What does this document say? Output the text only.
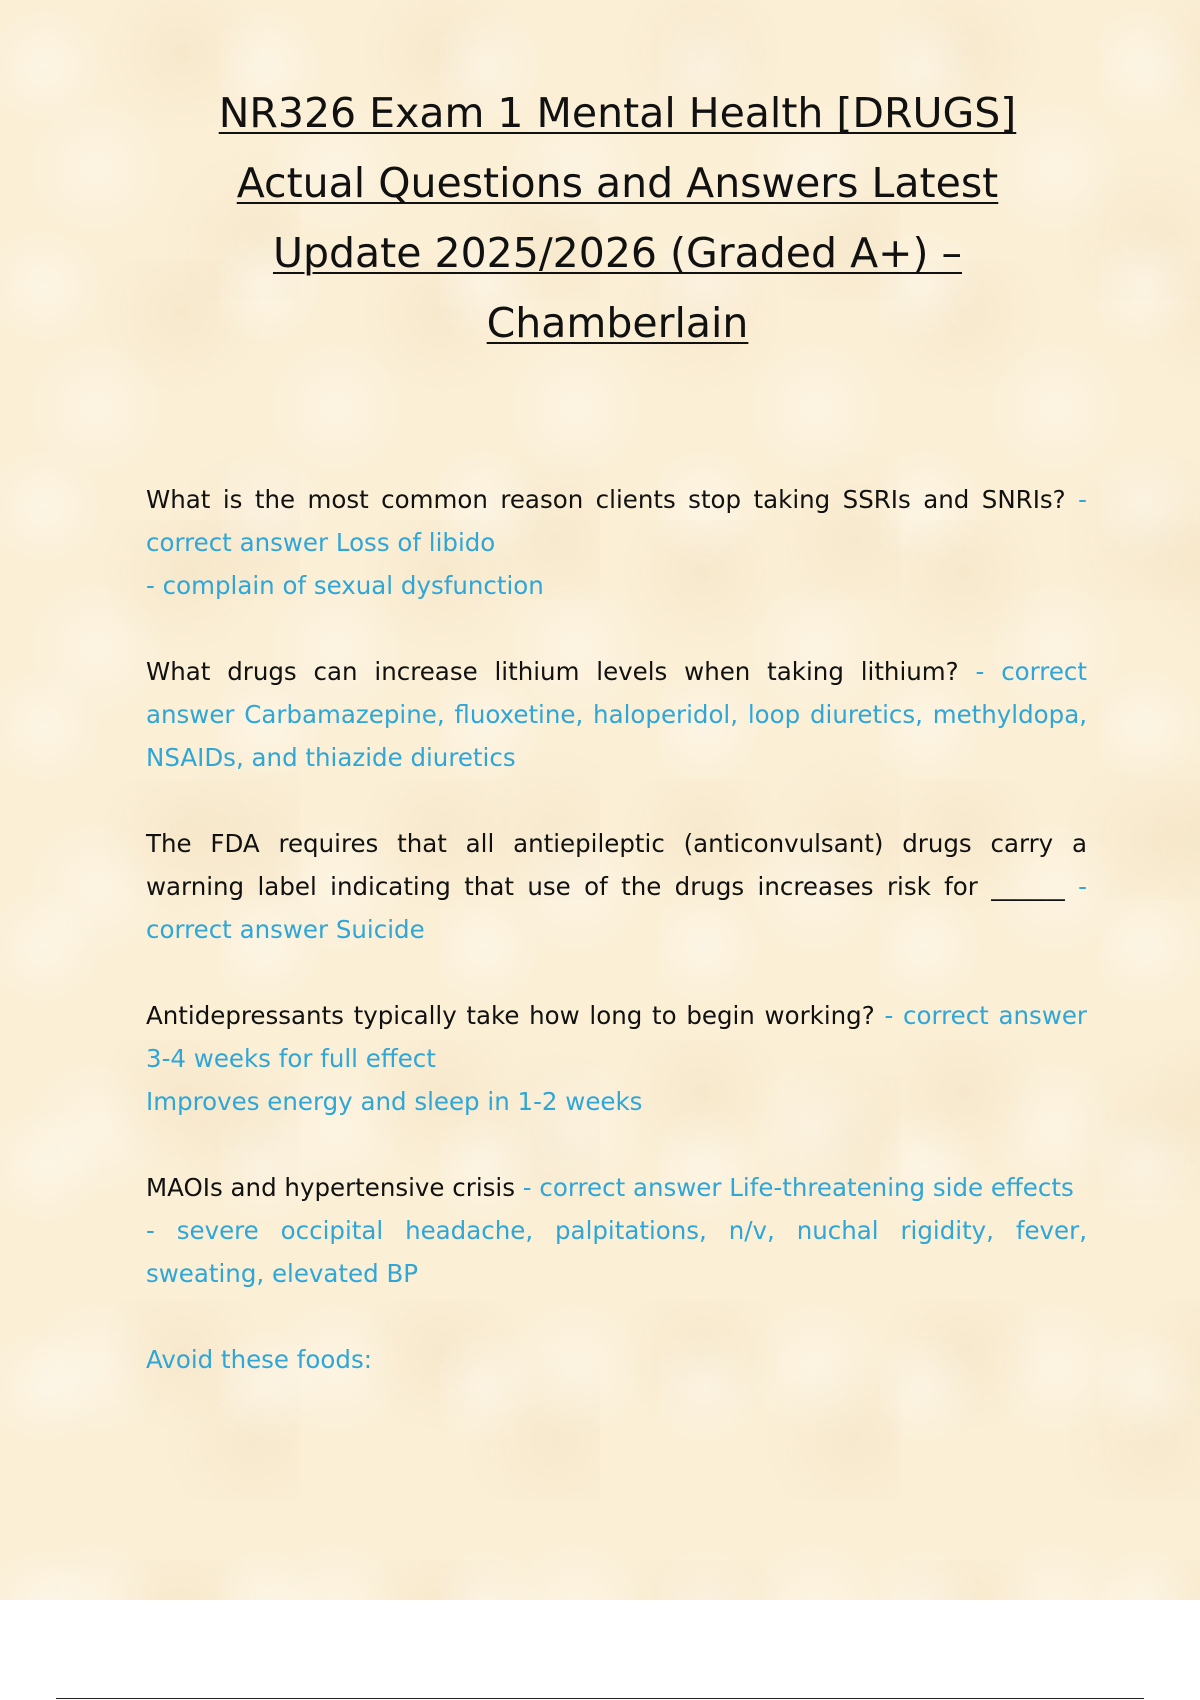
NR326 Exam 1 Mental Health [DRUGS]
Actual Questions and Answers Latest
Update 2025/2026 (Graded A+) –
Chamberlain

What is the most common reason clients stop taking SSRIs and SNRIs? - correct answer Loss of libido
- complain of sexual dysfunction

What drugs can increase lithium levels when taking lithium? - correct answer Carbamazepine, fluoxetine, haloperidol, loop diuretics, methyldopa, NSAIDs, and thiazide diuretics

The FDA requires that all antiepileptic (anticonvulsant) drugs carry a warning label indicating that use of the drugs increases risk for ______ - correct answer Suicide

Antidepressants typically take how long to begin working? - correct answer 3-4 weeks for full effect
Improves energy and sleep in 1-2 weeks

MAOIs and hypertensive crisis - correct answer Life-threatening side effects
- severe occipital headache, palpitations, n/v, nuchal rigidity, fever, sweating, elevated BP

Avoid these foods:
